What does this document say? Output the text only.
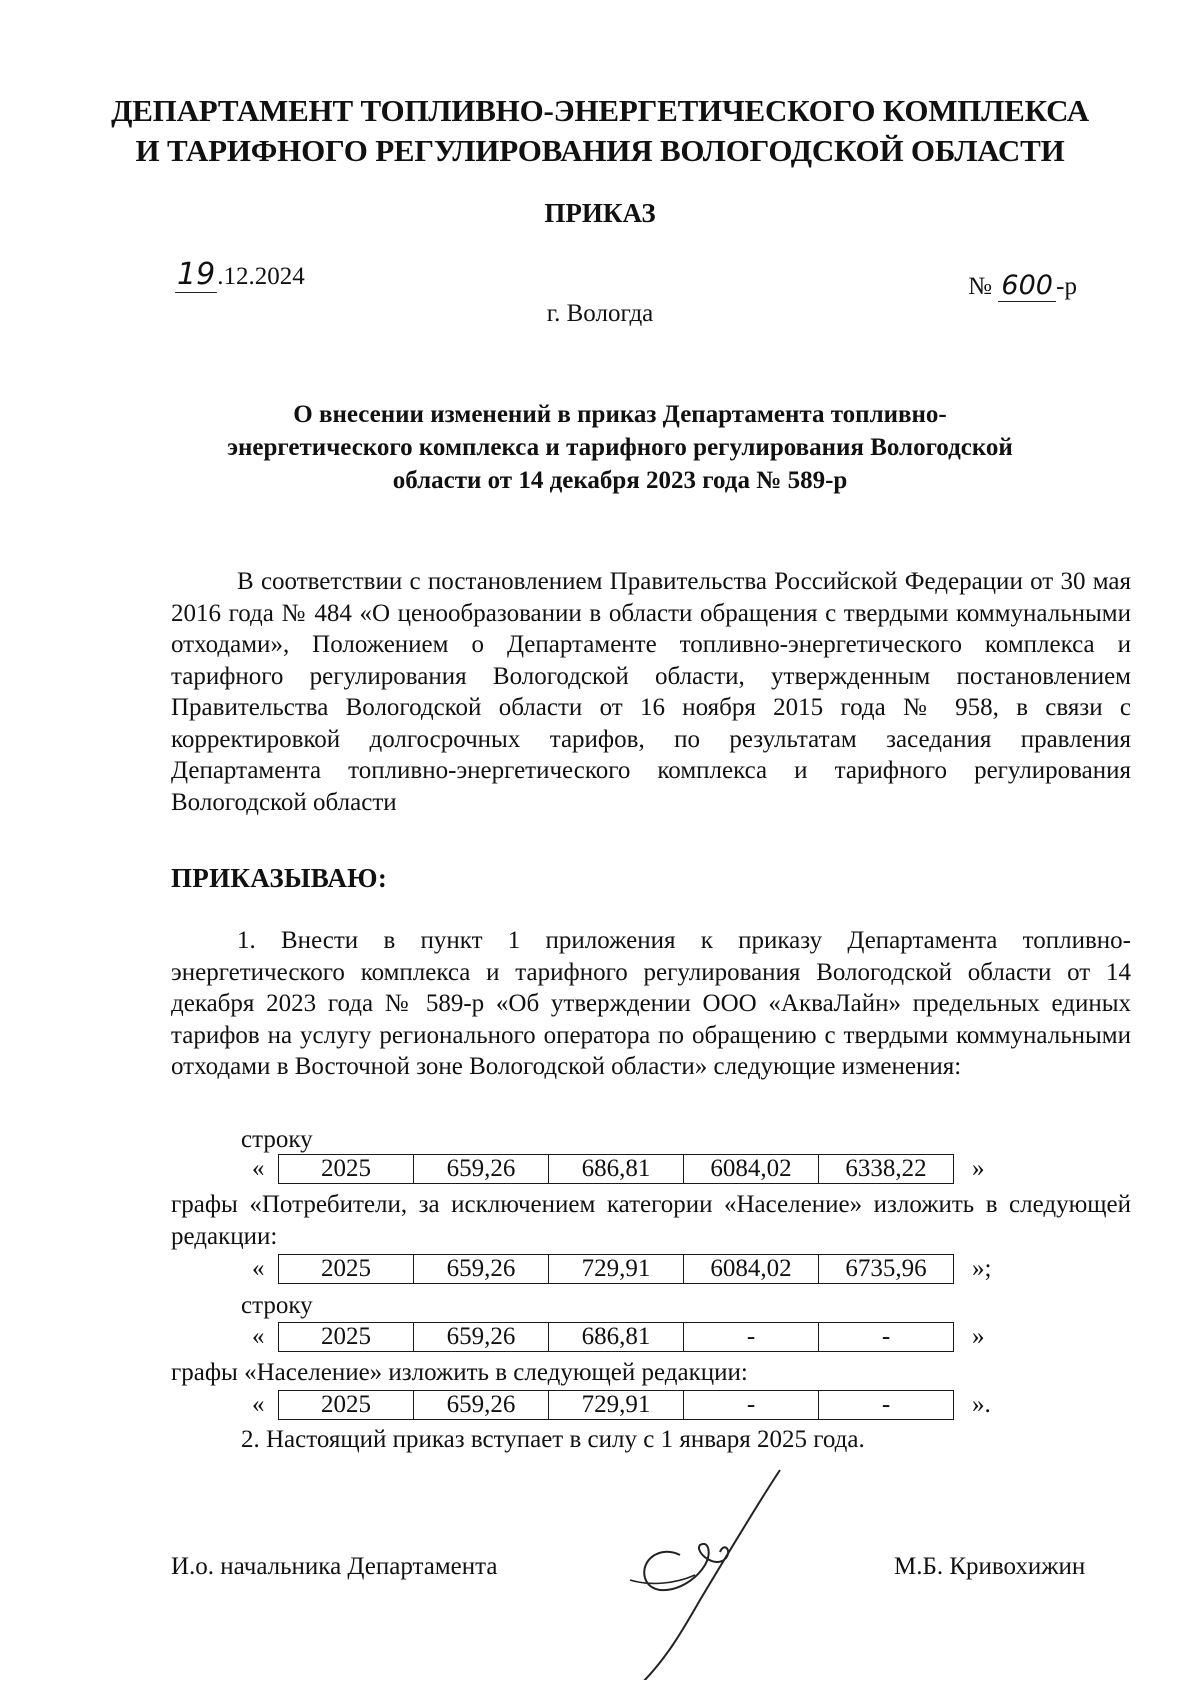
ДЕПАРТАМЕНТ ТОПЛИВНО-ЭНЕРГЕТИЧЕСКОГО КОМПЛЕКСА
И ТАРИФНОГО РЕГУЛИРОВАНИЯ ВОЛОГОДСКОЙ ОБЛАСТИ
ПРИКАЗ
19.12.2024	№ 600 -р
г. Вологда
О внесении изменений в приказ Департамента топливно-
энергетического комплекса и тарифного регулирования Вологодской
области от 14 декабря 2023 года № 589-р
В соответствии с постановлением Правительства Российской Федерации от 30 мая 2016 года № 484 «О ценообразовании в области обращения с твердыми коммунальными отходами», Положением о Департаменте топливно-энергетического комплекса и тарифного регулирования Вологодской области, утвержденным постановлением Правительства Вологодской области от 16 ноября 2015 года № 958, в связи с корректировкой долгосрочных тарифов, по результатам заседания правления Департамента топливно-энергетического комплекса и тарифного регулирования Вологодской области
ПРИКАЗЫВАЮ:
1. Внести в пункт 1 приложения к приказу Департамента топливно-энергетического комплекса и тарифного регулирования Вологодской области от 14 декабря 2023 года № 589-р «Об утверждении ООО «АкваЛайн» предельных единых тарифов на услугу регионального оператора по обращению с твердыми коммунальными отходами в Восточной зоне Вологодской области» следующие изменения:
строку
« 2025	659,26	686,81	6084,02	6338,22 »
графы «Потребители, за исключением категории «Население» изложить в следующей редакции:
« 2025	659,26	729,91	6084,02	6735,96 »;
строку
« 2025	659,26	686,81	-	-	»
графы «Население» изложить в следующей редакции:
« 2025	659,26	729,91	-	-	».
2. Настоящий приказ вступает в силу с 1 января 2025 года.
И.о. начальника Департамента	М.Б. Кривохижин
